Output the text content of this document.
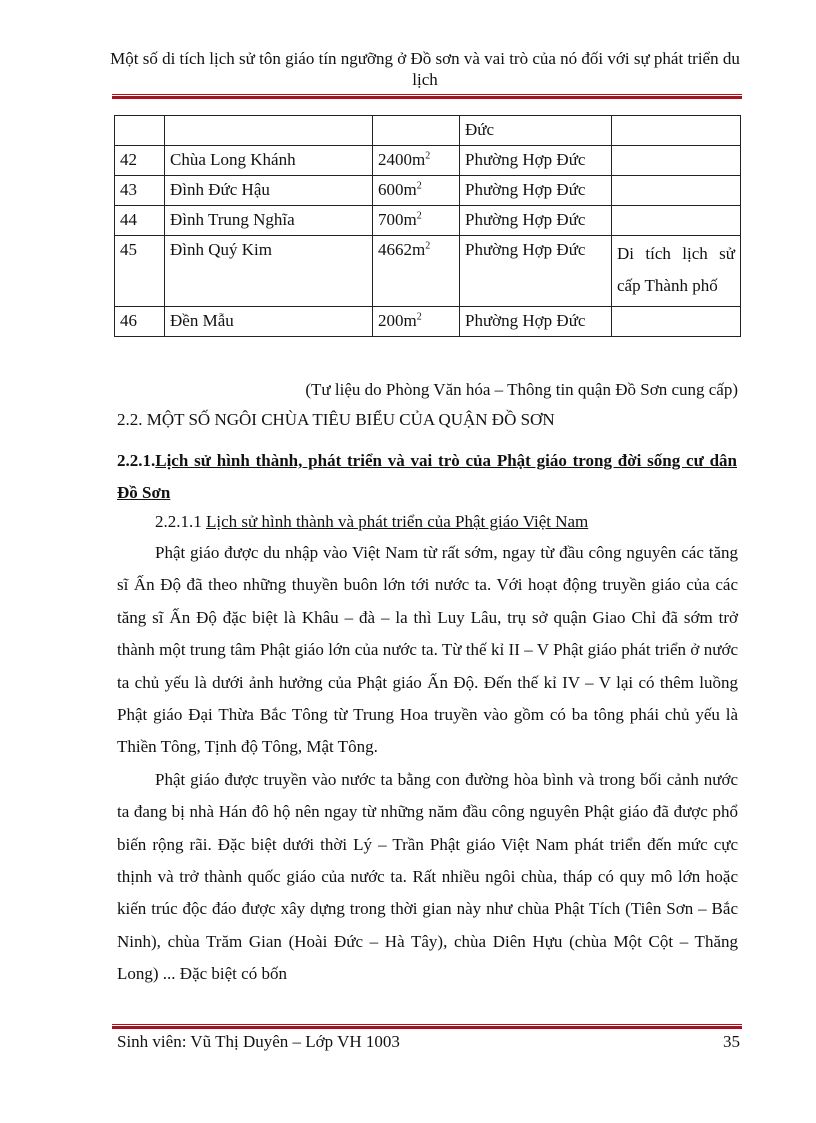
Một số di tích lịch sử tôn giáo tín ngưỡng ở Đồ sơn và vai trò của nó đối với sự phát triển du lịch
			Đức	

42	Chùa Long Khánh	$2400m^2$	Phường Hợp Đức	

43	Đình Đức Hậu	$600m^2$	Phường Hợp Đức	

44	Đình Trung Nghĩa	$700m^2$	Phường Hợp Đức	

45	Đình Quý Kim	$4662m^2$	Phường Hợp Đức	Di tích lịch sử cấp Thành phố

46	Đền Mẫu	$200m^2$	Phường Hợp Đức	
(Tư liệu do Phòng Văn hóa – Thông tin quận Đồ Sơn cung cấp)
2.2. MỘT SỐ NGÔI CHÙA TIÊU BIỂU CỦA QUẬN ĐỒ SƠN
2.2.1.Lịch sử hình thành, phát triển và vai trò của Phật giáo trong đời sống cư dân Đồ Sơn
2.2.1.1 Lịch sử hình thành và phát triển của Phật giáo Việt Nam

Phật giáo được du nhập vào Việt Nam từ rất sớm, ngay từ đầu công nguyên các tăng sĩ Ấn Độ đã theo những thuyền buôn lớn tới nước ta. Với hoạt động truyền giáo của các tăng sĩ Ấn Độ đặc biệt là Khâu – đà – la thì Luy Lâu, trụ sở quận Giao Chỉ đã sớm trở thành một trung tâm Phật giáo lớn của nước ta. Từ thế kỉ II – V Phật giáo phát triển ở nước ta chủ yếu là dưới ảnh hưởng của Phật giáo Ấn Độ. Đến thế kỉ IV – V lại có thêm luồng Phật giáo Đại Thừa Bắc Tông từ Trung Hoa truyền vào gồm có ba tông phái chủ yếu là Thiền Tông, Tịnh độ Tông, Mật Tông.

Phật giáo được truyền vào nước ta bằng con đường hòa bình và trong bối cảnh nước ta đang bị nhà Hán đô hộ nên ngay từ những năm đầu công nguyên Phật giáo đã được phổ biến rộng rãi. Đặc biệt dưới thời Lý – Trần Phật giáo Việt Nam phát triển đến mức cực thịnh và trở thành quốc giáo của nước ta. Rất nhiều ngôi chùa, tháp có quy mô lớn hoặc kiến trúc độc đáo được xây dựng trong thời gian này như chùa Phật Tích (Tiên Sơn – Bắc Ninh), chùa Trăm Gian (Hoài Đức – Hà Tây), chùa Diên Hựu (chùa Một Cột – Thăng Long) ... Đặc biệt có bốn

Sinh viên: Vũ Thị Duyên – Lớp VH 1003	35
